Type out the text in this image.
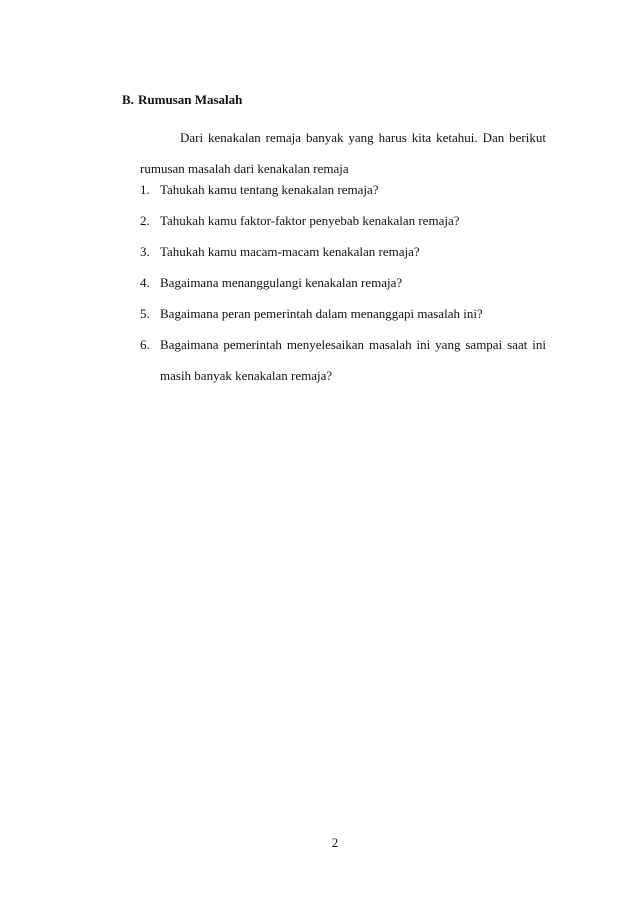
B. Rumusan Masalah

Dari kenakalan remaja banyak yang harus kita ketahui. Dan berikut rumusan masalah dari kenakalan remaja

1. Tahukah kamu tentang kenakalan remaja?
2. Tahukah kamu faktor-faktor penyebab kenakalan remaja?
3. Tahukah kamu macam-macam kenakalan remaja?
4. Bagaimana menanggulangi kenakalan remaja?
5. Bagaimana peran pemerintah dalam menanggapi masalah ini?
6. Bagaimana pemerintah menyelesaikan masalah ini yang sampai saat ini masih banyak kenakalan remaja?
2
